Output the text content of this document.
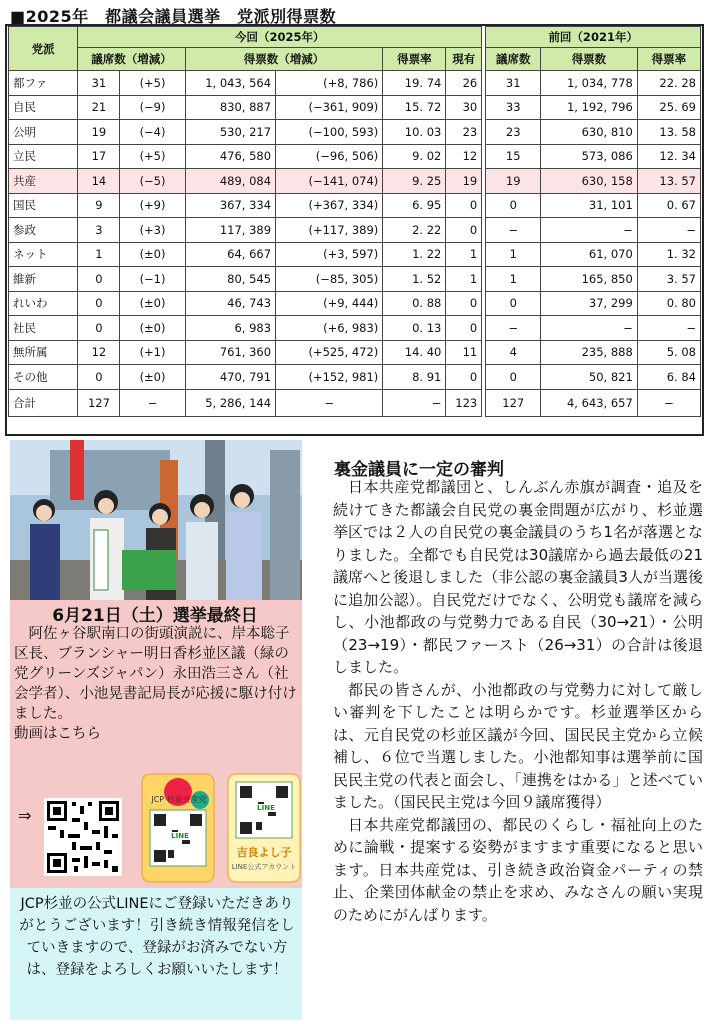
■2025年　都議会議員選挙　党派別得票数
党派	今回（2025年）							前回（2021年）		
	議席数（増減）		得票数（増減）		得票率	現有		議席数	得票数	得票率
都ファ	31	(+5)	1, 043, 564	(+8, 786)	19. 74	26		31	1, 034, 778	22. 28
自民	21	(−9)	830, 887	(−361, 909)	15. 72	30		33	1, 192, 796	25. 69
公明	19	(−4)	530, 217	(−100, 593)	10. 03	23		23	630, 810	13. 58
立民	17	(+5)	476, 580	(−96, 506)	9. 02	12		15	573, 086	12. 34
共産	14	(−5)	489, 084	(−141, 074)	9. 25	19		19	630, 158	13. 57
国民	9	(+9)	367, 334	(+367, 334)	6. 95	0		0	31, 101	0. 67
参政	3	(+3)	117, 389	(+117, 389)	2. 22	0		−	−	−
ネット	1	(±0)	64, 667	(+3, 597)	1. 22	1		1	61, 070	1. 32
維新	0	(−1)	80, 545	(−85, 305)	1. 52	1		1	165, 850	3. 57
れいわ	0	(±0)	46, 743	(+9, 444)	0. 88	0		0	37, 299	0. 80
社民	0	(±0)	6, 983	(+6, 983)	0. 13	0		−	−	−
無所属	12	(+1)	761, 360	(+525, 472)	14. 40	11		4	235, 888	5. 08
その他	0	(±0)	470, 791	(+152, 981)	8. 91	0		0	50, 821	6. 84
合計	127	−	5, 286, 144	−	−	123		127	4, 643, 657	−
6月21日（土）選挙最終日
　阿佐ヶ谷駅南口の街頭演説に、岸本聡子区長、ブランシャー明日香杉並区議（緑の党グリーンズジャパン）永田浩三さん（社会学者）、小池晃書記局長が応援に駆け付けました。
動画はこちら
⇒
JCP 杉並共産党
LINE
LINE
吉良よし子
LINE公式アカウント
JCP杉並の公式LINEにご登録いただきありがとうございます！引き続き情報発信をしていきますので、登録がお済みでない方は、登録をよろしくお願いいたします！
裏金議員に一定の審判

日本共産党都議団と、しんぶん赤旗が調査・追及を続けてきた都議会自民党の裏金問題が広がり、杉並選挙区では２人の自民党の裏金議員のうち1名が落選となりました。全都でも自民党は30議席から過去最低の21議席へと後退しました（非公認の裏金議員3人が当選後に追加公認）。自民党だけでなく、公明党も議席を減らし、小池都政の与党勢力である自民（30→21）・公明（23→19）・都民ファースト（26→31）の合計は後退しました。

都民の皆さんが、小池都政の与党勢力に対して厳しい審判を下したことは明らかです。杉並選挙区からは、元自民党の杉並区議が今回、国民民主党から立候補し、６位で当選しました。小池都知事は選挙前に国民民主党の代表と面会し、「連携をはかる」と述べていました。（国民民主党は今回９議席獲得）

日本共産党都議団の、都民のくらし・福祉向上のために論戦・提案する姿勢がますます重要になると思います。日本共産党は、引き続き政治資金パーティの禁止、企業団体献金の禁止を求め、みなさんの願い実現のためにがんばります。
